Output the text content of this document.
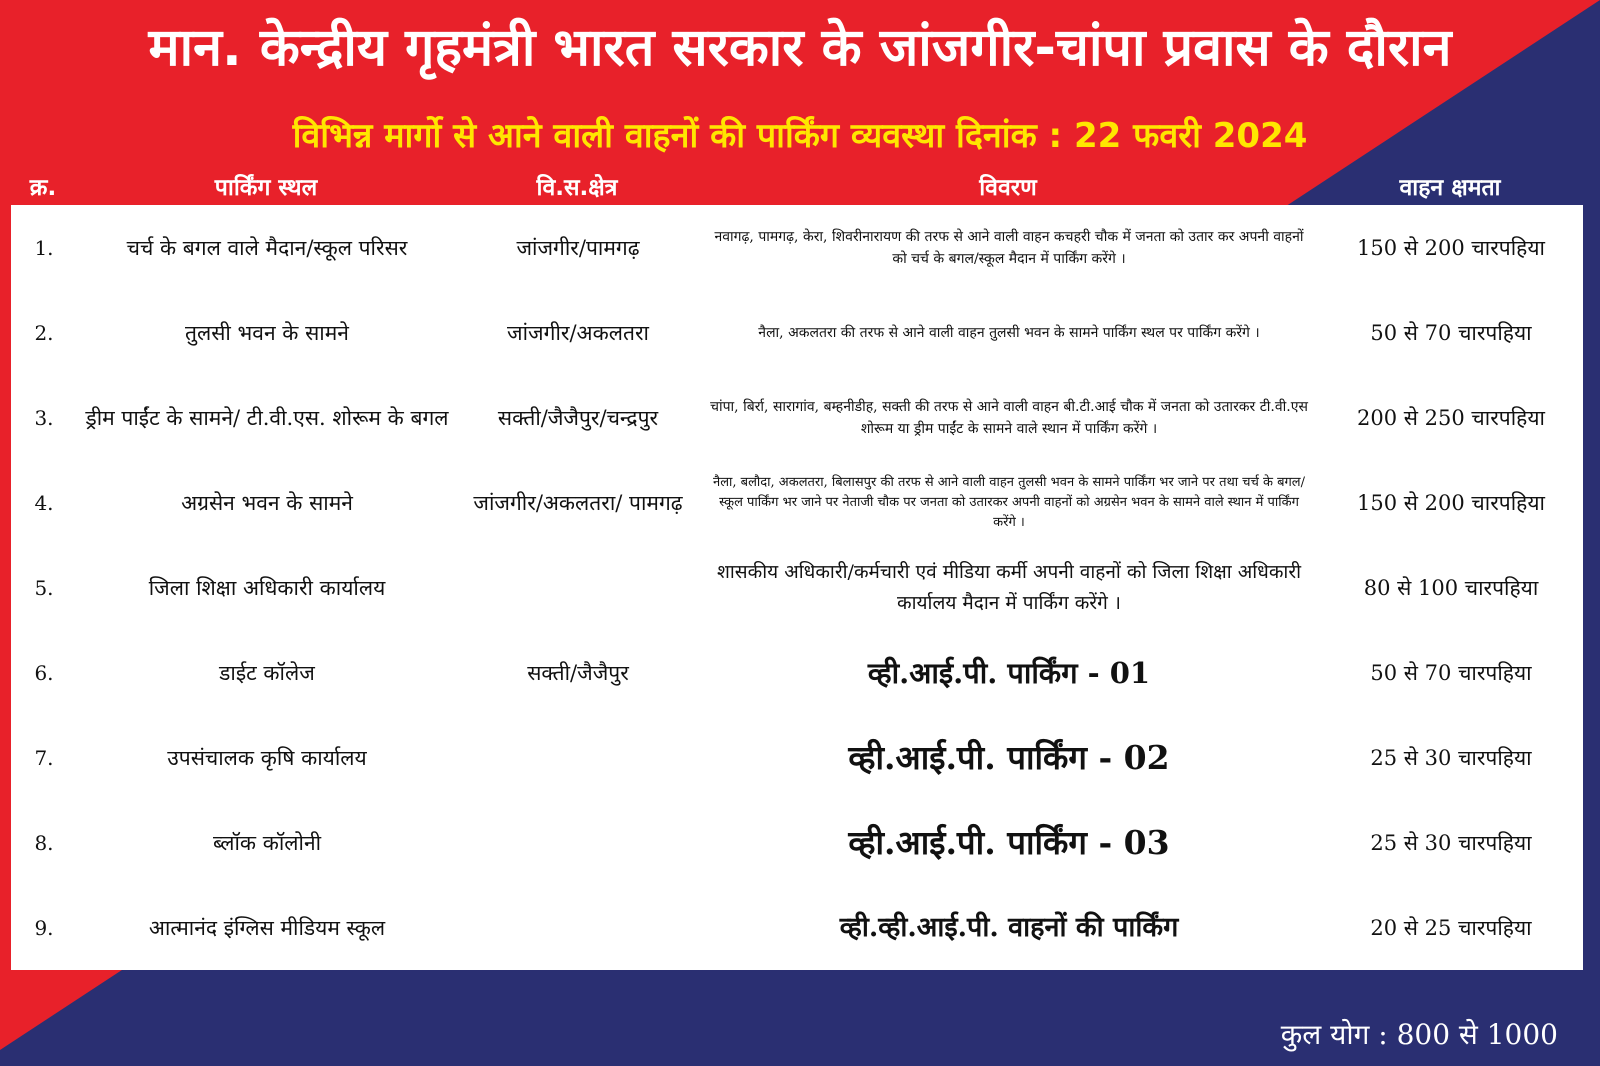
मान. केन्द्रीय गृहमंत्री भारत सरकार के जांजगीर-चांपा प्रवास के दौरान
विभिन्न मार्गो से आने वाली वाहनों की पार्किंग व्यवस्था दिनांक : 22 फवरी 2024
क्र.	पार्किंग स्थल	वि.स.क्षेत्र	विवरण	वाहन क्षमता
1.	चर्च के बगल वाले मैदान/स्कूल परिसर	जांजगीर/पामगढ़	नवागढ़, पामगढ़, केरा, शिवरीनारायण की तरफ से आने वाली वाहन कचहरी चौक में जनता को उतार कर अपनी वाहनों को चर्च के बगल/स्कूल मैदान में पार्किंग करेंगे ।	150 से 200 चारपहिया
2.	तुलसी भवन के सामने	जांजगीर/अकलतरा	नैला, अकलतरा की तरफ से आने वाली वाहन तुलसी भवन के सामने पार्किंग स्थल पर पार्किंग करेंगे ।	50 से 70 चारपहिया
3.	ड्रीम पाईंट के सामने/ टी.वी.एस. शोरूम के बगल	सक्ती/जैजैपुर/चन्द्रपुर	चांपा, बिर्रा, सारागांव, बम्हनीडीह, सक्ती की तरफ से आने वाली वाहन बी.टी.आई चौक में जनता को उतारकर टी.वी.एस शोरूम या ड्रीम पाईंट के सामने वाले स्थान में पार्किंग करेंगे ।	200 से 250 चारपहिया
4.	अग्रसेन भवन के सामने	जांजगीर/अकलतरा/ पामगढ़	नैला, बलौदा, अकलतरा, बिलासपुर की तरफ से आने वाली वाहन तुलसी भवन के सामने पार्किंग भर जाने पर तथा चर्च के बगल/स्कूल पार्किंग भर जाने पर नेताजी चौक पर जनता को उतारकर अपनी वाहनों को अग्रसेन भवन के सामने वाले स्थान में पार्किंग करेंगे ।	150 से 200 चारपहिया
5.	जिला शिक्षा अधिकारी कार्यालय		शासकीय अधिकारी/कर्मचारी एवं मीडिया कर्मी अपनी वाहनों को जिला शिक्षा अधिकारी कार्यालय मैदान में पार्किंग करेंगे ।	80 से 100 चारपहिया
6.	डाईट कॉलेज	सक्ती/जैजैपुर	व्ही.आई.पी. पार्किंग - 01	50 से 70 चारपहिया
7.	उपसंचालक कृषि कार्यालय		व्ही.आई.पी. पार्किंग - 02	25 से 30 चारपहिया
8.	ब्लॉक कॉलोनी		व्ही.आई.पी. पार्किंग - 03	25 से 30 चारपहिया
9.	आत्मानंद इंग्लिस मीडियम स्कूल		व्ही.व्ही.आई.पी. वाहनों की पार्किंग	20 से 25 चारपहिया
कुल योग : 800 से 1000
